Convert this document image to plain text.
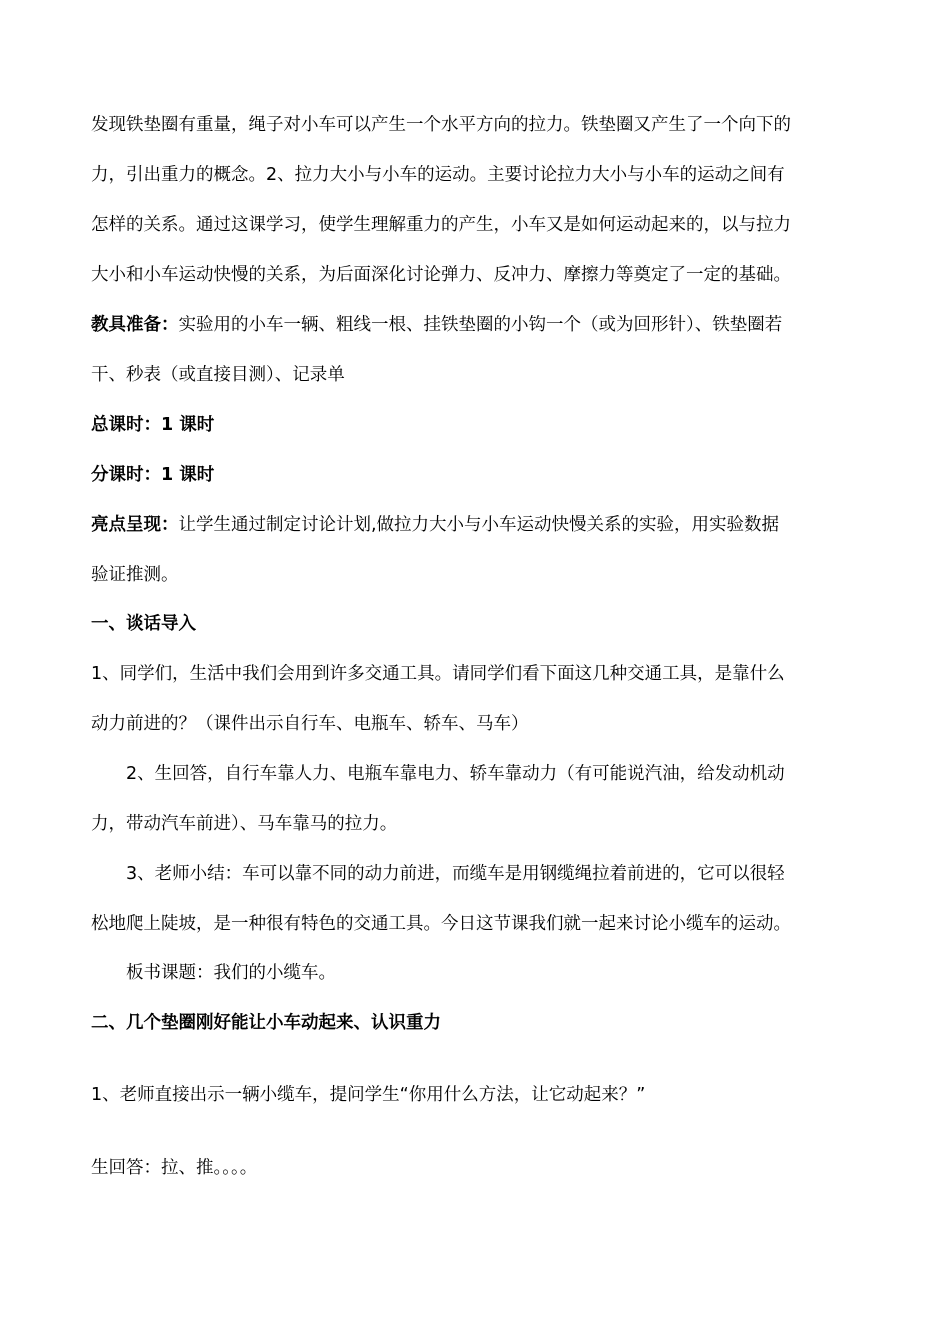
发现铁垫圈有重量，绳子对小车可以产生一个水平方向的拉力。铁垫圈又产生了一个向下的
力，引出重力的概念。2、拉力大小与小车的运动。主要讨论拉力大小与小车的运动之间有
怎样的关系。通过这课学习，使学生理解重力的产生，小车又是如何运动起来的，以与拉力
大小和小车运动快慢的关系，为后面深化讨论弹力、反冲力、摩擦力等奠定了一定的基础。
教具准备：实验用的小车一辆、粗线一根、挂铁垫圈的小钩一个（或为回形针）、铁垫圈若
干、秒表（或直接目测）、记录单
总课时：1 课时
分课时：1 课时
亮点呈现：让学生通过制定讨论计划,做拉力大小与小车运动快慢关系的实验，用实验数据
验证推测。
一、谈话导入
1、同学们，生活中我们会用到许多交通工具。请同学们看下面这几种交通工具，是靠什么
动力前进的？（课件出示自行车、电瓶车、轿车、马车）
2、生回答，自行车靠人力、电瓶车靠电力、轿车靠动力（有可能说汽油，给发动机动
力，带动汽车前进）、马车靠马的拉力。
3、老师小结：车可以靠不同的动力前进，而缆车是用钢缆绳拉着前进的，它可以很轻
松地爬上陡坡，是一种很有特色的交通工具。今日这节课我们就一起来讨论小缆车的运动。
板书课题：我们的小缆车。
二、几个垫圈刚好能让小车动起来、认识重力
1、老师直接出示一辆小缆车，提问学生“你用什么方法，让它动起来？”
生回答：拉、推。。。。
